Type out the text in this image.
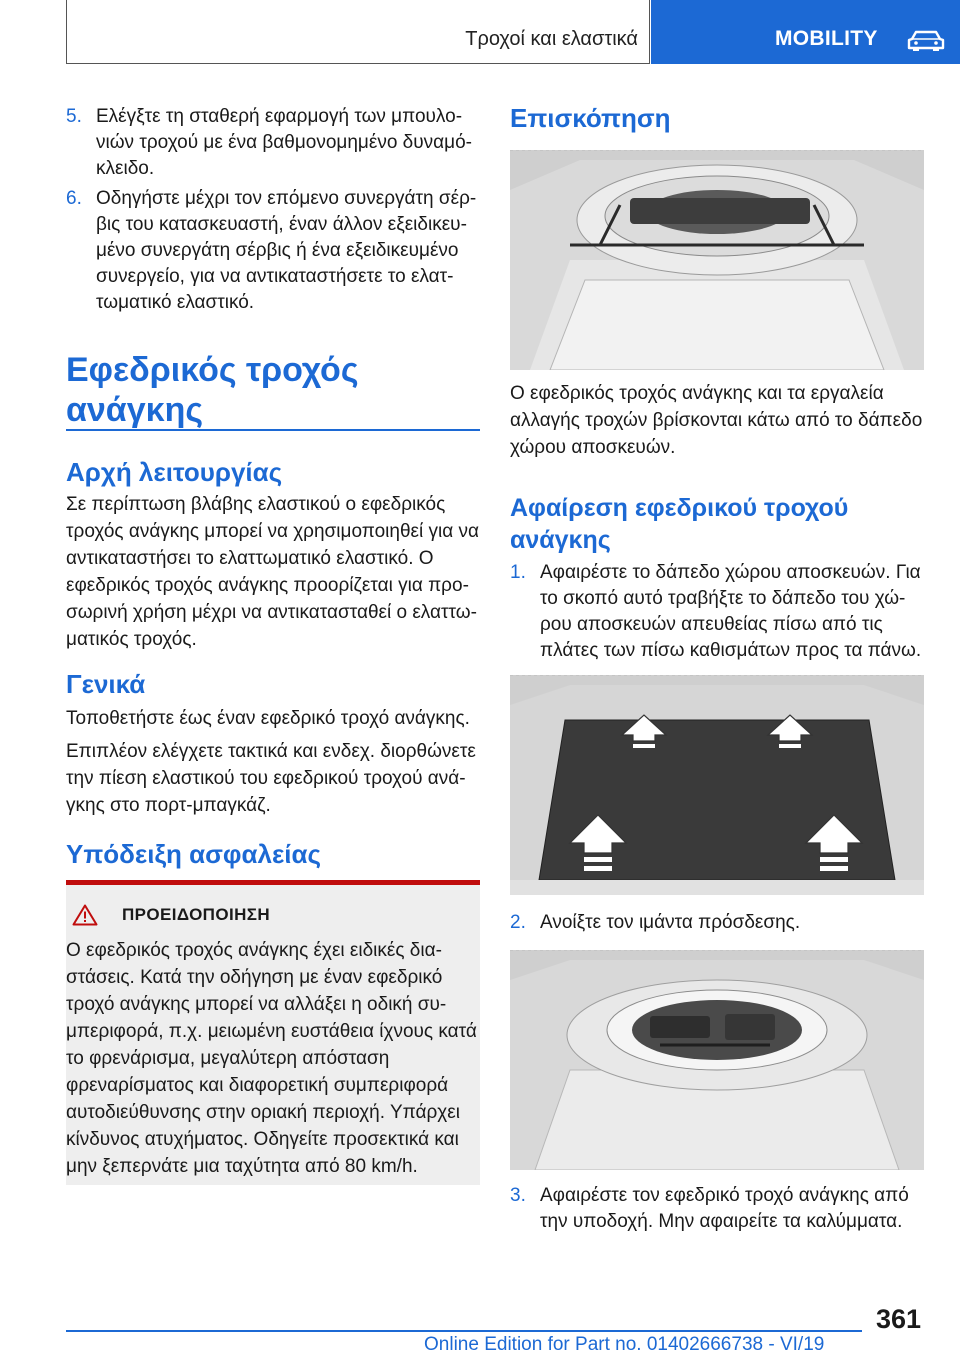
Τροχοί και ελαστικά	MOBILITY
5. Ελέγξτε τη σταθερή εφαρμογή των μπουλονιών τροχού με ένα βαθμονομημένο δυναμόκλειδο.
6. Οδηγήστε μέχρι τον επόμενο συνεργάτη σέρβις του κατασκευαστή, έναν άλλον εξειδικευμένο συνεργάτη σέρβις ή ένα εξειδικευμένο συνεργείο, για να αντικαταστήσετε το ελαττωματικό ελαστικό.
Εφεδρικός τροχός ανάγκης
Αρχή λειτουργίας
Σε περίπτωση βλάβης ελαστικού ο εφεδρικός τροχός ανάγκης μπορεί να χρησιμοποιηθεί για να αντικαταστήσει το ελαττωματικό ελαστικό. Ο εφεδρικός τροχός ανάγκης προορίζεται για προσωρινή χρήση μέχρι να αντικατασταθεί ο ελαττωματικός τροχός.
Γενικά
Τοποθετήστε έως έναν εφεδρικό τροχό ανάγκης.
Επιπλέον ελέγχετε τακτικά και ενδεχ. διορθώνετε την πίεση ελαστικού του εφεδρικού τροχού ανάγκης στο πορτ-μπαγκάζ.
Υπόδειξη ασφαλείας
ΠΡΟΕΙΔΟΠΟΙΗΣΗ
Ο εφεδρικός τροχός ανάγκης έχει ειδικές διαστάσεις. Κατά την οδήγηση με έναν εφεδρικό τροχό ανάγκης μπορεί να αλλάξει η οδική συμπεριφορά, π.χ. μειωμένη ευστάθεια ίχνους κατά το φρενάρισμα, μεγαλύτερη απόσταση φρεναρίσματος και διαφορετική συμπεριφορά αυτοδιεύθυνσης στην οριακή περιοχή. Υπάρχει κίνδυνος ατυχήματος. Οδηγείτε προσεκτικά και μην ξεπερνάτε μια ταχύτητα από 80 km/h.
Επισκόπηση
Ο εφεδρικός τροχός ανάγκης και τα εργαλεία αλλαγής τροχών βρίσκονται κάτω από το δάπεδο χώρου αποσκευών.
Αφαίρεση εφεδρικού τροχού ανάγκης
1. Αφαιρέστε το δάπεδο χώρου αποσκευών. Για το σκοπό αυτό τραβήξτε το δάπεδο του χώρου αποσκευών απευθείας πίσω από τις πλάτες των πίσω καθισμάτων προς τα πάνω.
2. Ανοίξτε τον ιμάντα πρόσδεσης.
3. Αφαιρέστε τον εφεδρικό τροχό ανάγκης από την υποδοχή. Μην αφαιρείτε τα καλύμματα.
361
Online Edition for Part no. 01402666738 - VI/19
